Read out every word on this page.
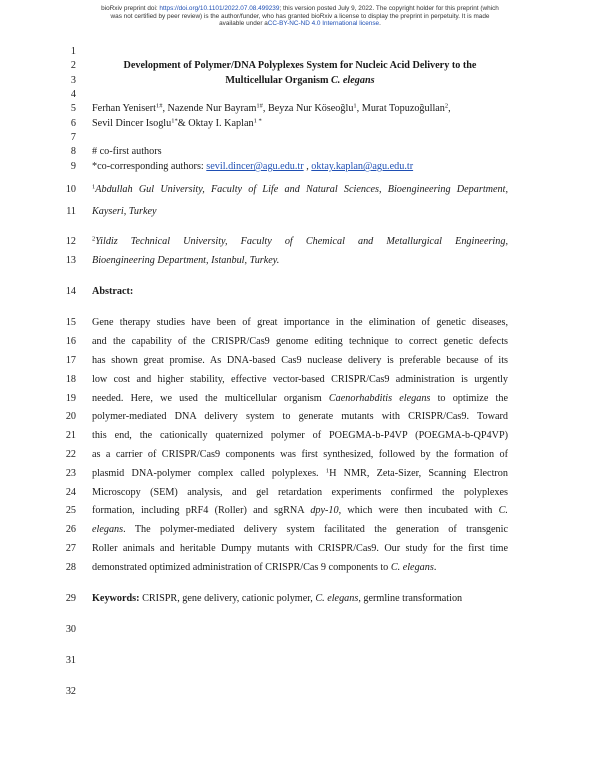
bioRxiv preprint doi: https://doi.org/10.1101/2022.07.08.499239; this version posted July 9, 2022. The copyright holder for this preprint (which
was not certified by peer review) is the author/funder, who has granted bioRxiv a license to display the preprint in perpetuity. It is made
available under aCC-BY-NC-ND 4.0 International license.
1
2
3
4
5
6
7
8
9
10
11
12
13
14
15
16
17
18
19
20
21
22
23
24
25
26
27
28
29
30
31
32
Development of Polymer/DNA Polyplexes System for Nucleic Acid Delivery to the
Multicellular Organism C. elegans
Ferhan Yenisert$^{1\#}$, Nazende Nur Bayram$^{1\#}$, Beyza Nur Köseoğlu$^1$, Murat Topuzoğullan$^2$,
Sevil Dincer Isoglu$^{1*}$& Oktay I. Kaplan$^{1 *}$
# co-first authors
*co-corresponding authors: sevil.dincer@agu.edu.tr , oktay.kaplan@agu.edu.tr
$^1$Abdullah Gul University, Faculty of Life and Natural Sciences, Bioengineering Department,
Kayseri, Turkey
$^2$Yildiz Technical University, Faculty of Chemical and Metallurgical Engineering,
Bioengineering Department, Istanbul, Turkey.
Abstract:
Gene therapy studies have been of great importance in the elimination of genetic diseases,
and the capability of the CRISPR/Cas9 genome editing technique to correct genetic defects
has shown great promise. As DNA-based Cas9 nuclease delivery is preferable because of its
low cost and higher stability, effective vector-based CRISPR/Cas9 administration is urgently
needed. Here, we used the multicellular organism Caenorhabditis elegans to optimize the
polymer-mediated DNA delivery system to generate mutants with CRISPR/Cas9. Toward
this end, the cationically quaternized polymer of POEGMA-b-P4VP (POEGMA-b-QP4VP)
as a carrier of CRISPR/Cas9 components was first synthesized, followed by the formation of
plasmid DNA-polymer complex called polyplexes. $^1$H NMR, Zeta-Sizer, Scanning Electron
Microscopy (SEM) analysis, and gel retardation experiments confirmed the polyplexes
formation, including pRF4 (Roller) and sgRNA dpy-10, which were then incubated with C.
elegans. The polymer-mediated delivery system facilitated the generation of transgenic
Roller animals and heritable Dumpy mutants with CRISPR/Cas9. Our study for the first time
demonstrated optimized administration of CRISPR/Cas 9 components to C. elegans.
Keywords: CRISPR, gene delivery, cationic polymer, C. elegans, germline transformation
